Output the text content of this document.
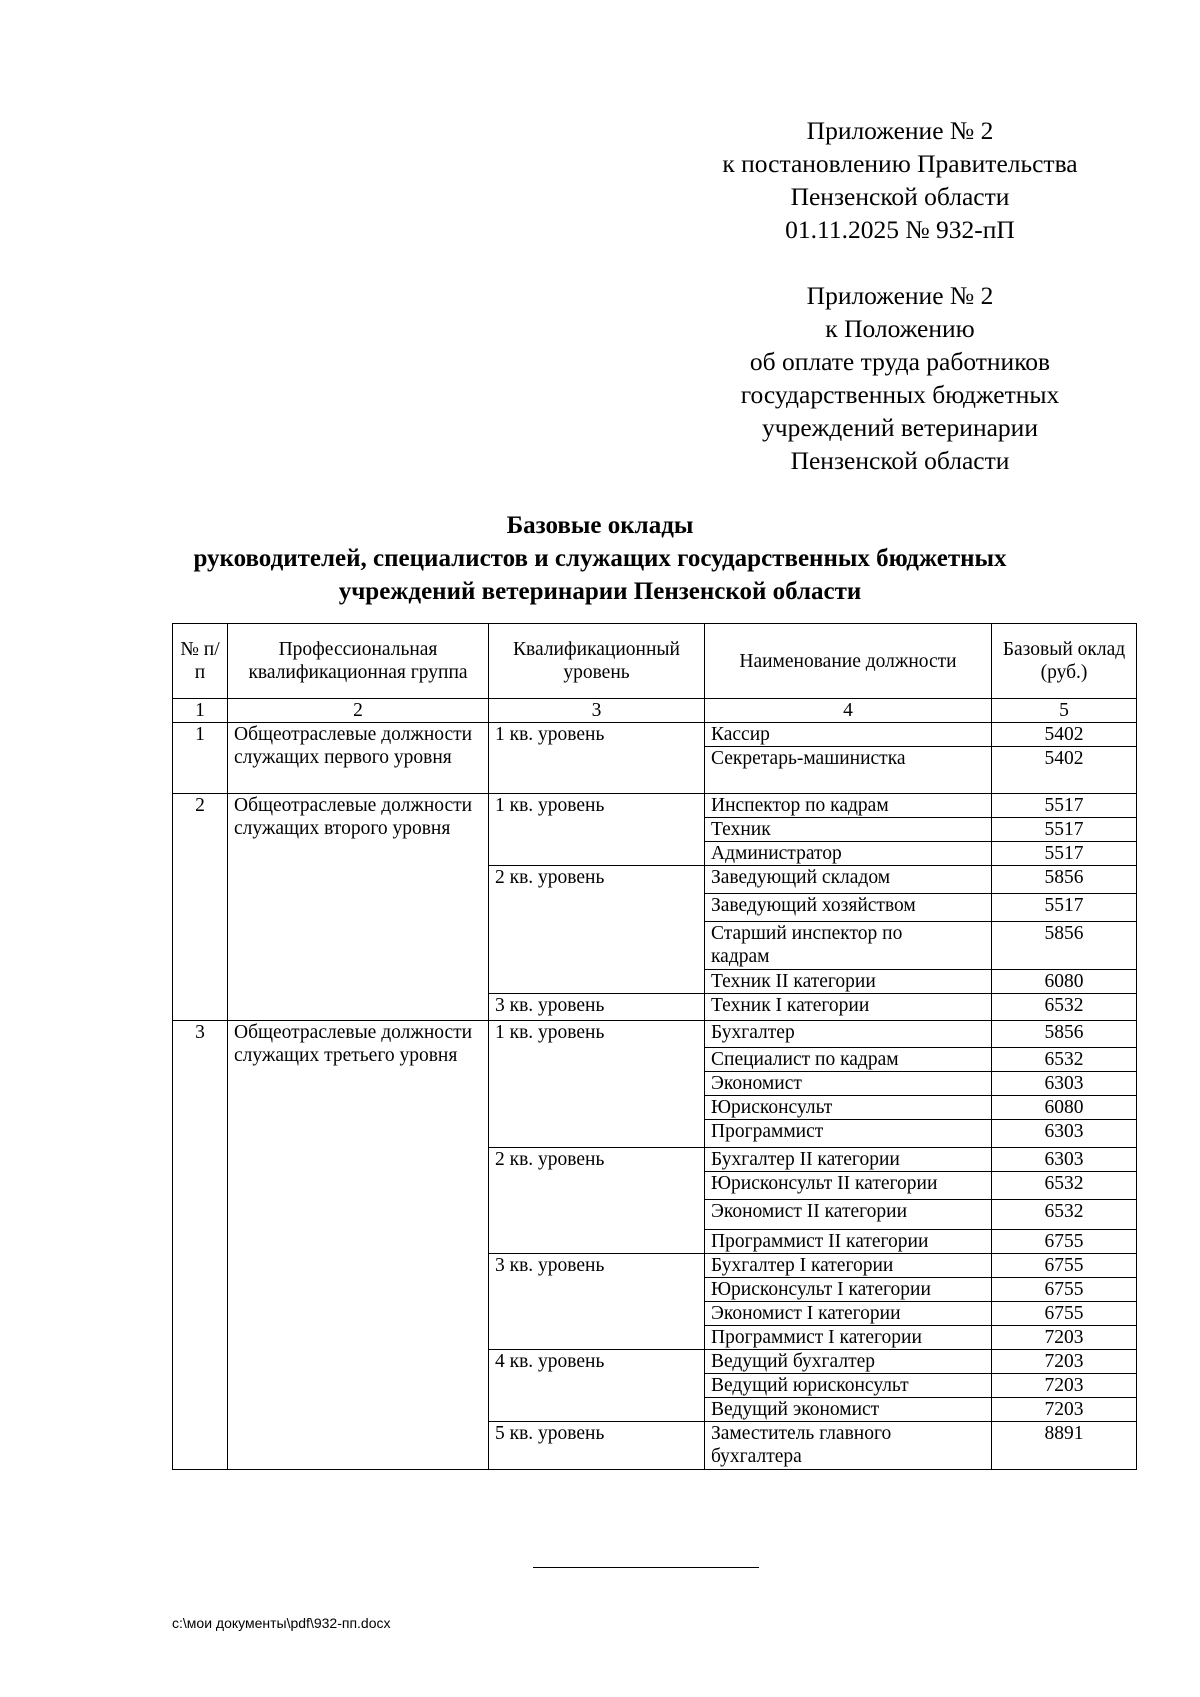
Приложение № 2
к постановлению Правительства
Пензенской области
01.11.2025 № 932-пП
Приложение № 2
к Положению
об оплате труда работников
государственных бюджетных
учреждений ветеринарии
Пензенской области
Базовые оклады
руководителей, специалистов и служащих государственных бюджетных
учреждений ветеринарии Пензенской области
№ п/п	Профессиональная квалификационная группа	Квалификационный уровень	Наименование должности	Базовый оклад (руб.)
1	2	3	4	5
1	Общеотраслевые должности служащих первого уровня	1 кв. уровень	Кассир	5402
			Секретарь-машинистка	5402
2	Общеотраслевые должности служащих второго уровня	1 кв. уровень	Инспектор по кадрам	5517
			Техник	5517
			Администратор	5517
		2 кв. уровень	Заведующий складом	5856
			Заведующий хозяйством	5517
			Старший инспектор по кадрам	5856
			Техник II категории	6080
		3 кв. уровень	Техник I категории	6532
3	Общеотраслевые должности служащих третьего уровня	1 кв. уровень	Бухгалтер	5856
			Специалист по кадрам	6532
			Экономист	6303
			Юрисконсульт	6080
			Программист	6303
		2 кв. уровень	Бухгалтер II категории	6303
			Юрисконсульт II категории	6532
			Экономист II категории	6532
			Программист II категории	6755
		3 кв. уровень	Бухгалтер I категории	6755
			Юрисконсульт I категории	6755
			Экономист I категории	6755
			Программист I категории	7203
		4 кв. уровень	Ведущий бухгалтер	7203
			Ведущий юрисконсульт	7203
			Ведущий экономист	7203
		5 кв. уровень	Заместитель главного бухгалтера	8891
c:\мои документы\pdf\932-пп.docx
